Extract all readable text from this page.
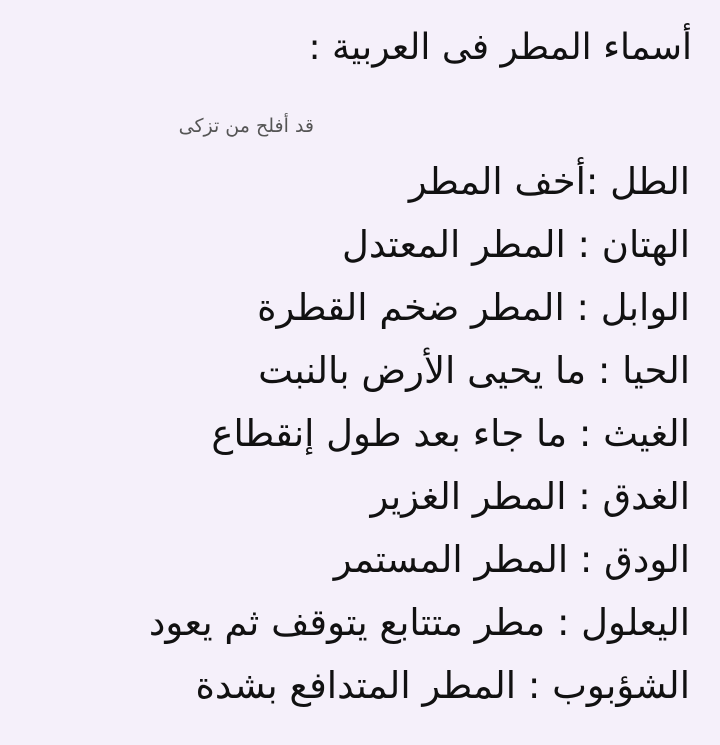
أسماء المطر فى العربية :
قد أفلح من تزكى
الطل :أخف المطر
الهتان : المطر المعتدل
الوابل : المطر ضخم القطرة
الحيا : ما يحيى الأرض بالنبت
الغيث : ما جاء بعد طول إنقطاع
الغدق : المطر الغزير
الودق : المطر المستمر
اليعلول : مطر متتابع يتوقف ثم يعود
الشؤبوب : المطر المتدافع بشدة
